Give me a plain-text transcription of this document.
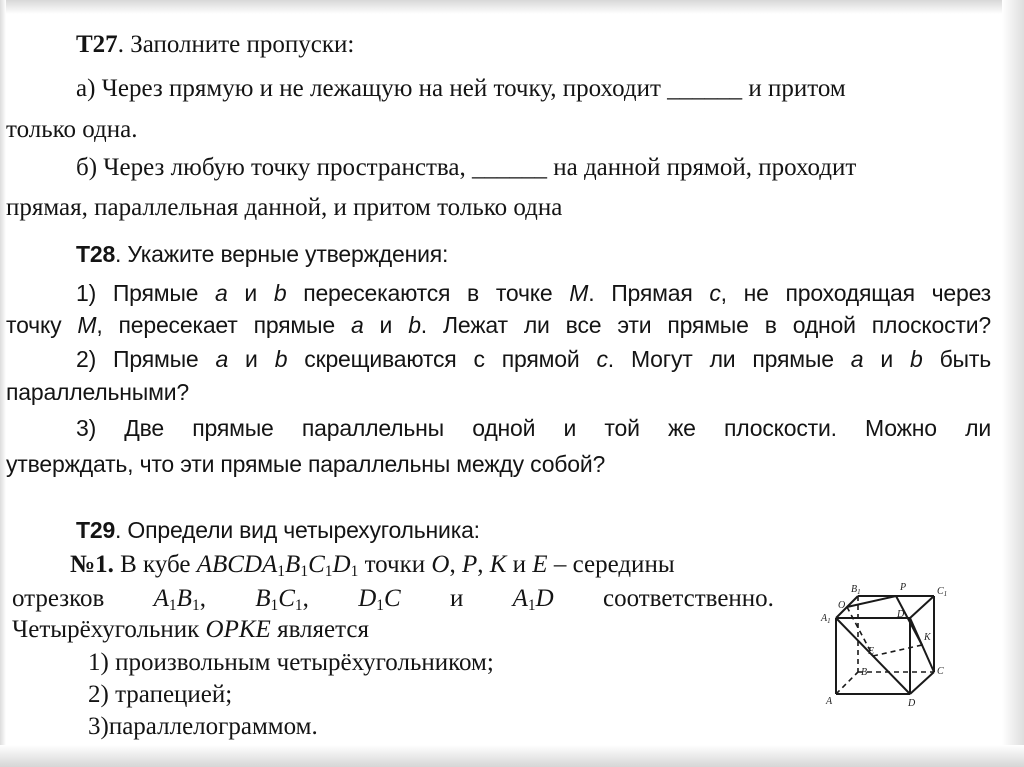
T27. Заполните пропуски:
а) Через прямую и не лежащую на ней точку, проходит ______ и притом
только одна.
б) Через любую точку пространства, ______ на данной прямой, проходит
прямая, параллельная данной, и притом только одна
T28. Укажите верные утверждения:
1) Прямые a и b пересекаются в точке M. Прямая c, не проходящая через
точку M, пересекает прямые a и b. Лежат ли все эти прямые в одной плоскости?
2) Прямые a и b скрещиваются с прямой c. Могут ли прямые a и b быть
параллельными?
3) Две прямые параллельны одной и той же плоскости. Можно ли
утверждать, что эти прямые параллельны между собой?
T29. Определи вид четырехугольника:
№1. В кубе $ABCDA_1B_1C_1D_1$ точки O, P, K и E – середины
отрезков $A_1B_1$, $B_1C_1$, $D_1C$ и $A_1D$ соответственно.
Четырёхугольник OPKE является
1) произвольным четырёхугольником;
2) трапецией;
3)параллелограммом.
$B_1$	P	$C_1$
O
$A_1$
$D_1$
K
E
B	C
A	D
